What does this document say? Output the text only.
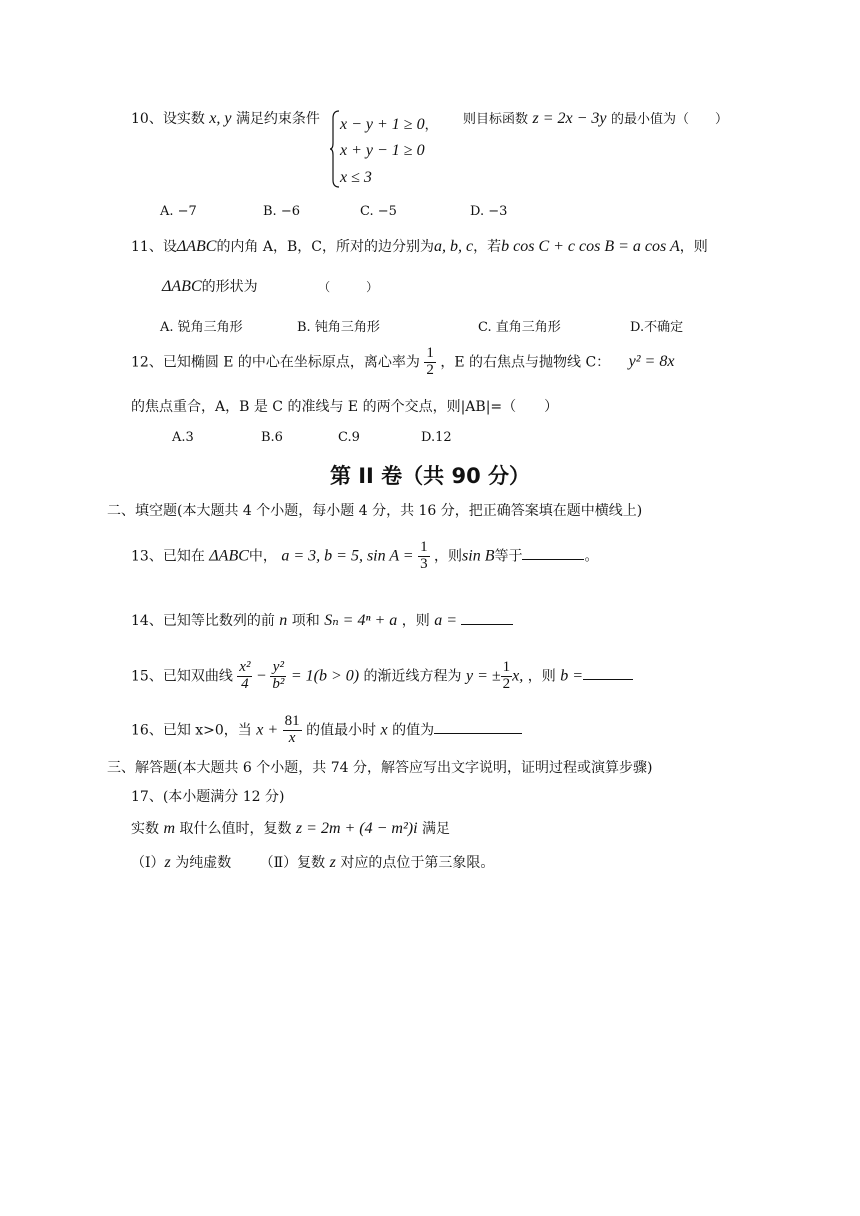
10、设实数 x, y 满足约束条件 x − y + 1 ≥ 0，
x + y − 1 ≥ 0
x ≤ 3
则目标函数 z = 2x − 3y 的最小值为（　　）
A. −7	B. −6	C. −5	D. −3
11、设ΔABC的内角 A，B，C，所对的边分别为a, b, c，若b cos C + c cos B = a cos A，则
ΔABC的形状为	（　　　）
A. 锐角三角形	B. 钝角三角形	C. 直角三角形	D.不确定
12、已知椭圆 E 的中心在坐标原点，离心率为 $\frac{1}{2}$ ，E 的右焦点与抛物线 C： y² = 8x
的焦点重合，A，B 是 C 的准线与 E 的两个交点，则|AB|=（　　）
A.3	B.6	C.9	D.12
第 II 卷（共 90 分）
二、填空题(本大题共 4 个小题，每小题 4 分，共 16 分，把正确答案填在题中横线上)
13、已知在 ΔABC中， a = 3, b = 5, $\sin A = \frac{1}{3}$ ，则sin B等于	。
14、已知等比数列的前 n 项和 Sₙ = 4ⁿ + a ，则 a =
15、已知双曲线 $\frac{\text{x²}}{4} - \frac{\text{y²}}{\text{b²}} = 1(b > 0)$ 的渐近线方程为 y = ± $\frac{1}{2} x$, ，则 b =
16、已知 x>0，当 $x + \frac{81}{x}$ 的值最小时 x 的值为
三、解答题(本大题共 6 个小题，共 74 分，解答应写出文字说明，证明过程或演算步骤)
17、(本小题满分 12 分)
实数 m 取什么值时，复数 z = 2m + (4 − m²)i 满足
（Ⅰ）z 为纯虚数 （Ⅱ）复数 z 对应的点位于第三象限。
